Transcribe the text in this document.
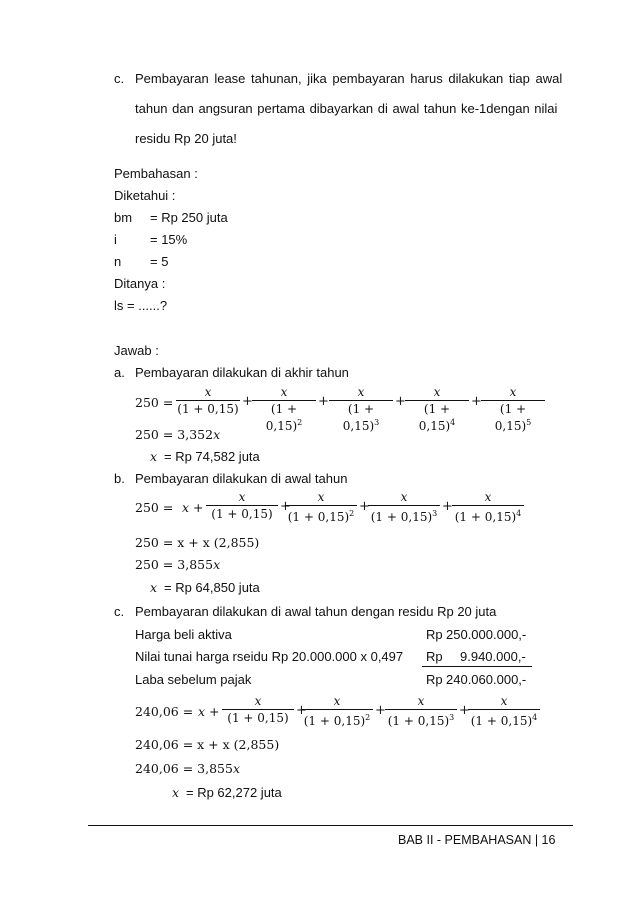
c. Pembayaran lease tahunan, jika pembayaran harus dilakukan tiap awal
tahun dan angsuran pertama dibayarkan di awal tahun ke-1dengan nilai
residu Rp 20 juta!
Pembahasan :
Diketahui :
bm = Rp 250 juta
i	= 15%
n = 5
Ditanya :
ls = ......?
Jawab :
a. Pembayaran dilakukan di akhir tahun
250 =
x
(1 + 0,15) +
x
$(1 + 0,15)^2$
+
x
$(1 + 0,15)^3$
+
x
$(1 + 0,15)^4$
+
x
$(1 + 0,15)^5$
250 = 3,352x
x = Rp 74,582 juta
b. Pembayaran dilakukan di awal tahun
250 = x +
x
(1 + 0,15) +
x
$(1 + 0,15)^2$ +
x
$(1 + 0,15)^3$ +
x
$(1 + 0,15)^4$
250 = x + x (2,855)
250 = 3,855x
x = Rp 64,850 juta
c. Pembayaran dilakukan di awal tahun dengan residu Rp 20 juta
Harga beli aktiva	Rp 250.000.000,-
Nilai tunai harga rseidu Rp 20.000.000 x 0,497 Rp 9.940.000,-
Laba sebelum pajak	Rp 240.060.000,-
240,06 = x +
x
(1 + 0,15) +
x
$(1 + 0,15)^2$ +
x
$(1 + 0,15)^3$ +
x
$(1 + 0,15)^4$
240,06 = x + x (2,855)
240,06 = 3,855x
x = Rp 62,272 juta
BAB II - PEMBAHASAN | 16
